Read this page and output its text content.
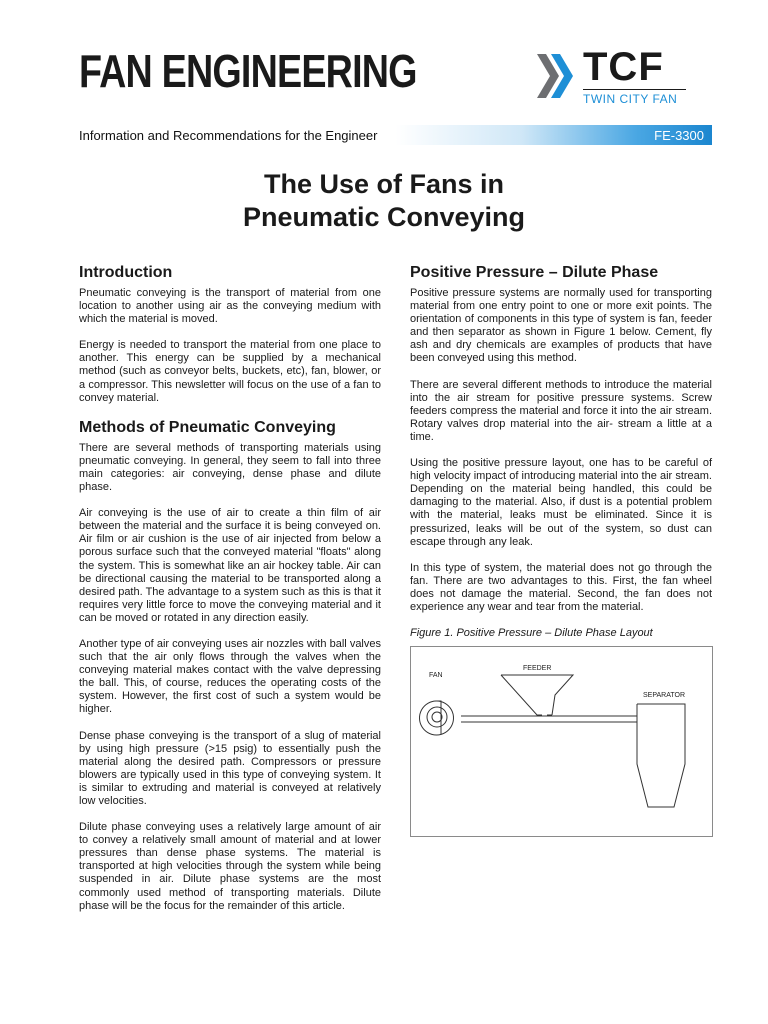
FAN ENGINEERING	TCF
TWIN CITY FAN
Information and Recommendations for the Engineer	FE-3300
The Use of Fans in
Pneumatic Conveying
Introduction

Pneumatic conveying is the transport of material from one location to another using air as the conveying medium with which the material is moved.

Energy is needed to transport the material from one place to another. This energy can be supplied by a mechanical method (such as conveyor belts, buckets, etc), fan, blower, or a compressor. This newsletter will focus on the use of a fan to convey material.

Methods of Pneumatic Conveying

There are several methods of transporting materials using pneumatic conveying. In general, they seem to fall into three main categories: air conveying, dense phase and dilute phase.

Air conveying is the use of air to create a thin film of air between the material and the surface it is being conveyed on. Air film or air cushion is the use of air injected from below a porous surface such that the conveyed material "floats" along the system. This is somewhat like an air hockey table. Air can be directional causing the material to be transported along a desired path. The advantage to a system such as this is that it requires very little force to move the conveying material and it can be moved or rotated in any direction easily.

Another type of air conveying uses air nozzles with ball valves such that the air only flows through the valves when the conveying material makes contact with the valve depressing the ball. This, of course, reduces the operating costs of the system. However, the first cost of such a system would be higher.

Dense phase conveying is the transport of a slug of material by using high pressure (>15 psig) to essentially push the material along the desired path. Compressors or pressure blowers are typically used in this type of conveying system. It is similar to extruding and material is conveyed at relatively low velocities.

Dilute phase conveying uses a relatively large amount of air to convey a relatively small amount of material and at lower pressures than dense phase systems. The material is transported at high velocities through the system while being suspended in air. Dilute phase systems are the most commonly used method of transporting materials. Dilute phase will be the focus for the remainder of this article.

Positive Pressure – Dilute Phase

Positive pressure systems are normally used for transporting material from one entry point to one or more exit points. The orientation of components in this type of system is fan, feeder and then separator as shown in Figure 1 below. Cement, fly ash and dry chemicals are examples of products that have been conveyed using this method.

There are several different methods to introduce the material into the air stream for positive pressure systems. Screw feeders compress the material and force it into the air stream. Rotary valves drop material into the air- stream a little at a time.

Using the positive pressure layout, one has to be careful of high velocity impact of introducing material into the air stream. Depending on the material being handled, this could be damaging to the material. Also, if dust is a potential problem with the material, leaks must be eliminated. Since it is pressurized, leaks will be out of the system, so dust can escape through any leak.

In this type of system, the material does not go through the fan. There are two advantages to this. First, the fan wheel does not damage the material. Second, the fan does not experience any wear and tear from the material.

Figure 1. Positive Pressure – Dilute Phase Layout
FAN
FEEDER
SEPARATOR
